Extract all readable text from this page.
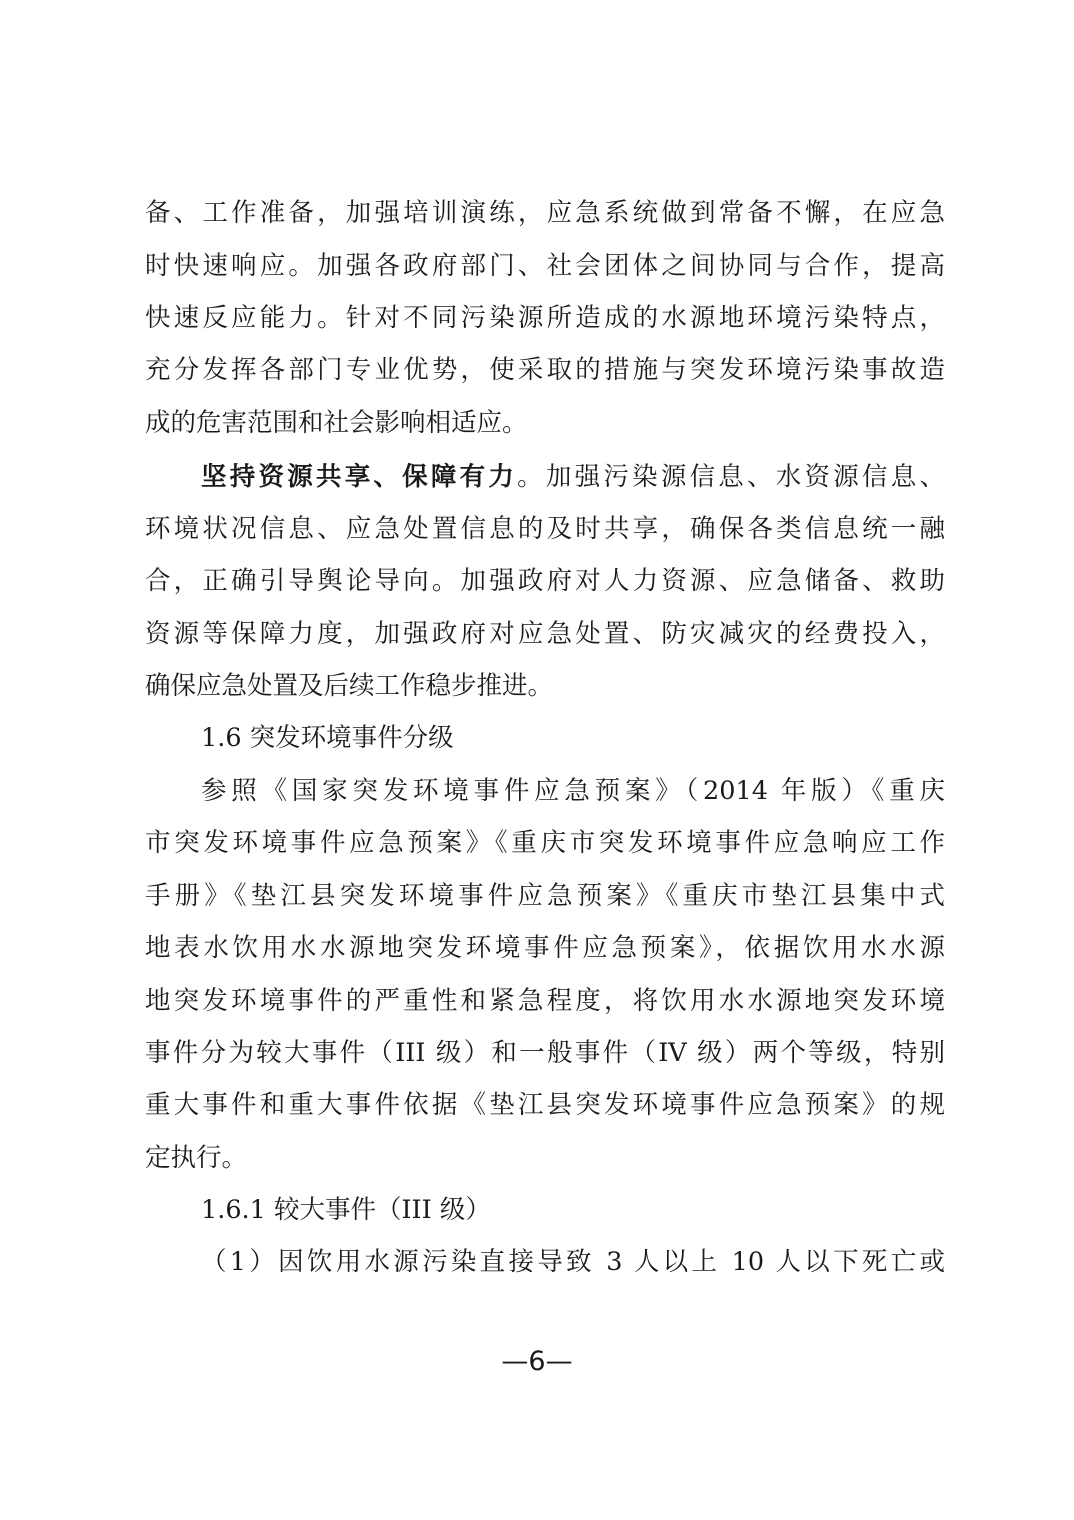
备、工作准备，加强培训演练，应急系统做到常备不懈，在应急
时快速响应。加强各政府部门、社会团体之间协同与合作，提高
快速反应能力。针对不同污染源所造成的水源地环境污染特点，
充分发挥各部门专业优势，使采取的措施与突发环境污染事故造
成的危害范围和社会影响相适应。
坚持资源共享、保障有力。加强污染源信息、水资源信息、
环境状况信息、应急处置信息的及时共享，确保各类信息统一融
合，正确引导舆论导向。加强政府对人力资源、应急储备、救助
资源等保障力度，加强政府对应急处置、防灾减灾的经费投入，
确保应急处置及后续工作稳步推进。
1.6 突发环境事件分级
参照《国家突发环境事件应急预案》（2014 年版）《重庆
市突发环境事件应急预案》《重庆市突发环境事件应急响应工作
手册》《垫江县突发环境事件应急预案》《重庆市垫江县集中式
地表水饮用水水源地突发环境事件应急预案》，依据饮用水水源
地突发环境事件的严重性和紧急程度，将饮用水水源地突发环境
事件分为较大事件（III 级）和一般事件（IV 级）两个等级，特别
重大事件和重大事件依据《垫江县突发环境事件应急预案》的规
定执行。
1.6.1 较大事件（III 级）
（1）因饮用水源污染直接导致 3 人以上 10 人以下死亡或
—6—
